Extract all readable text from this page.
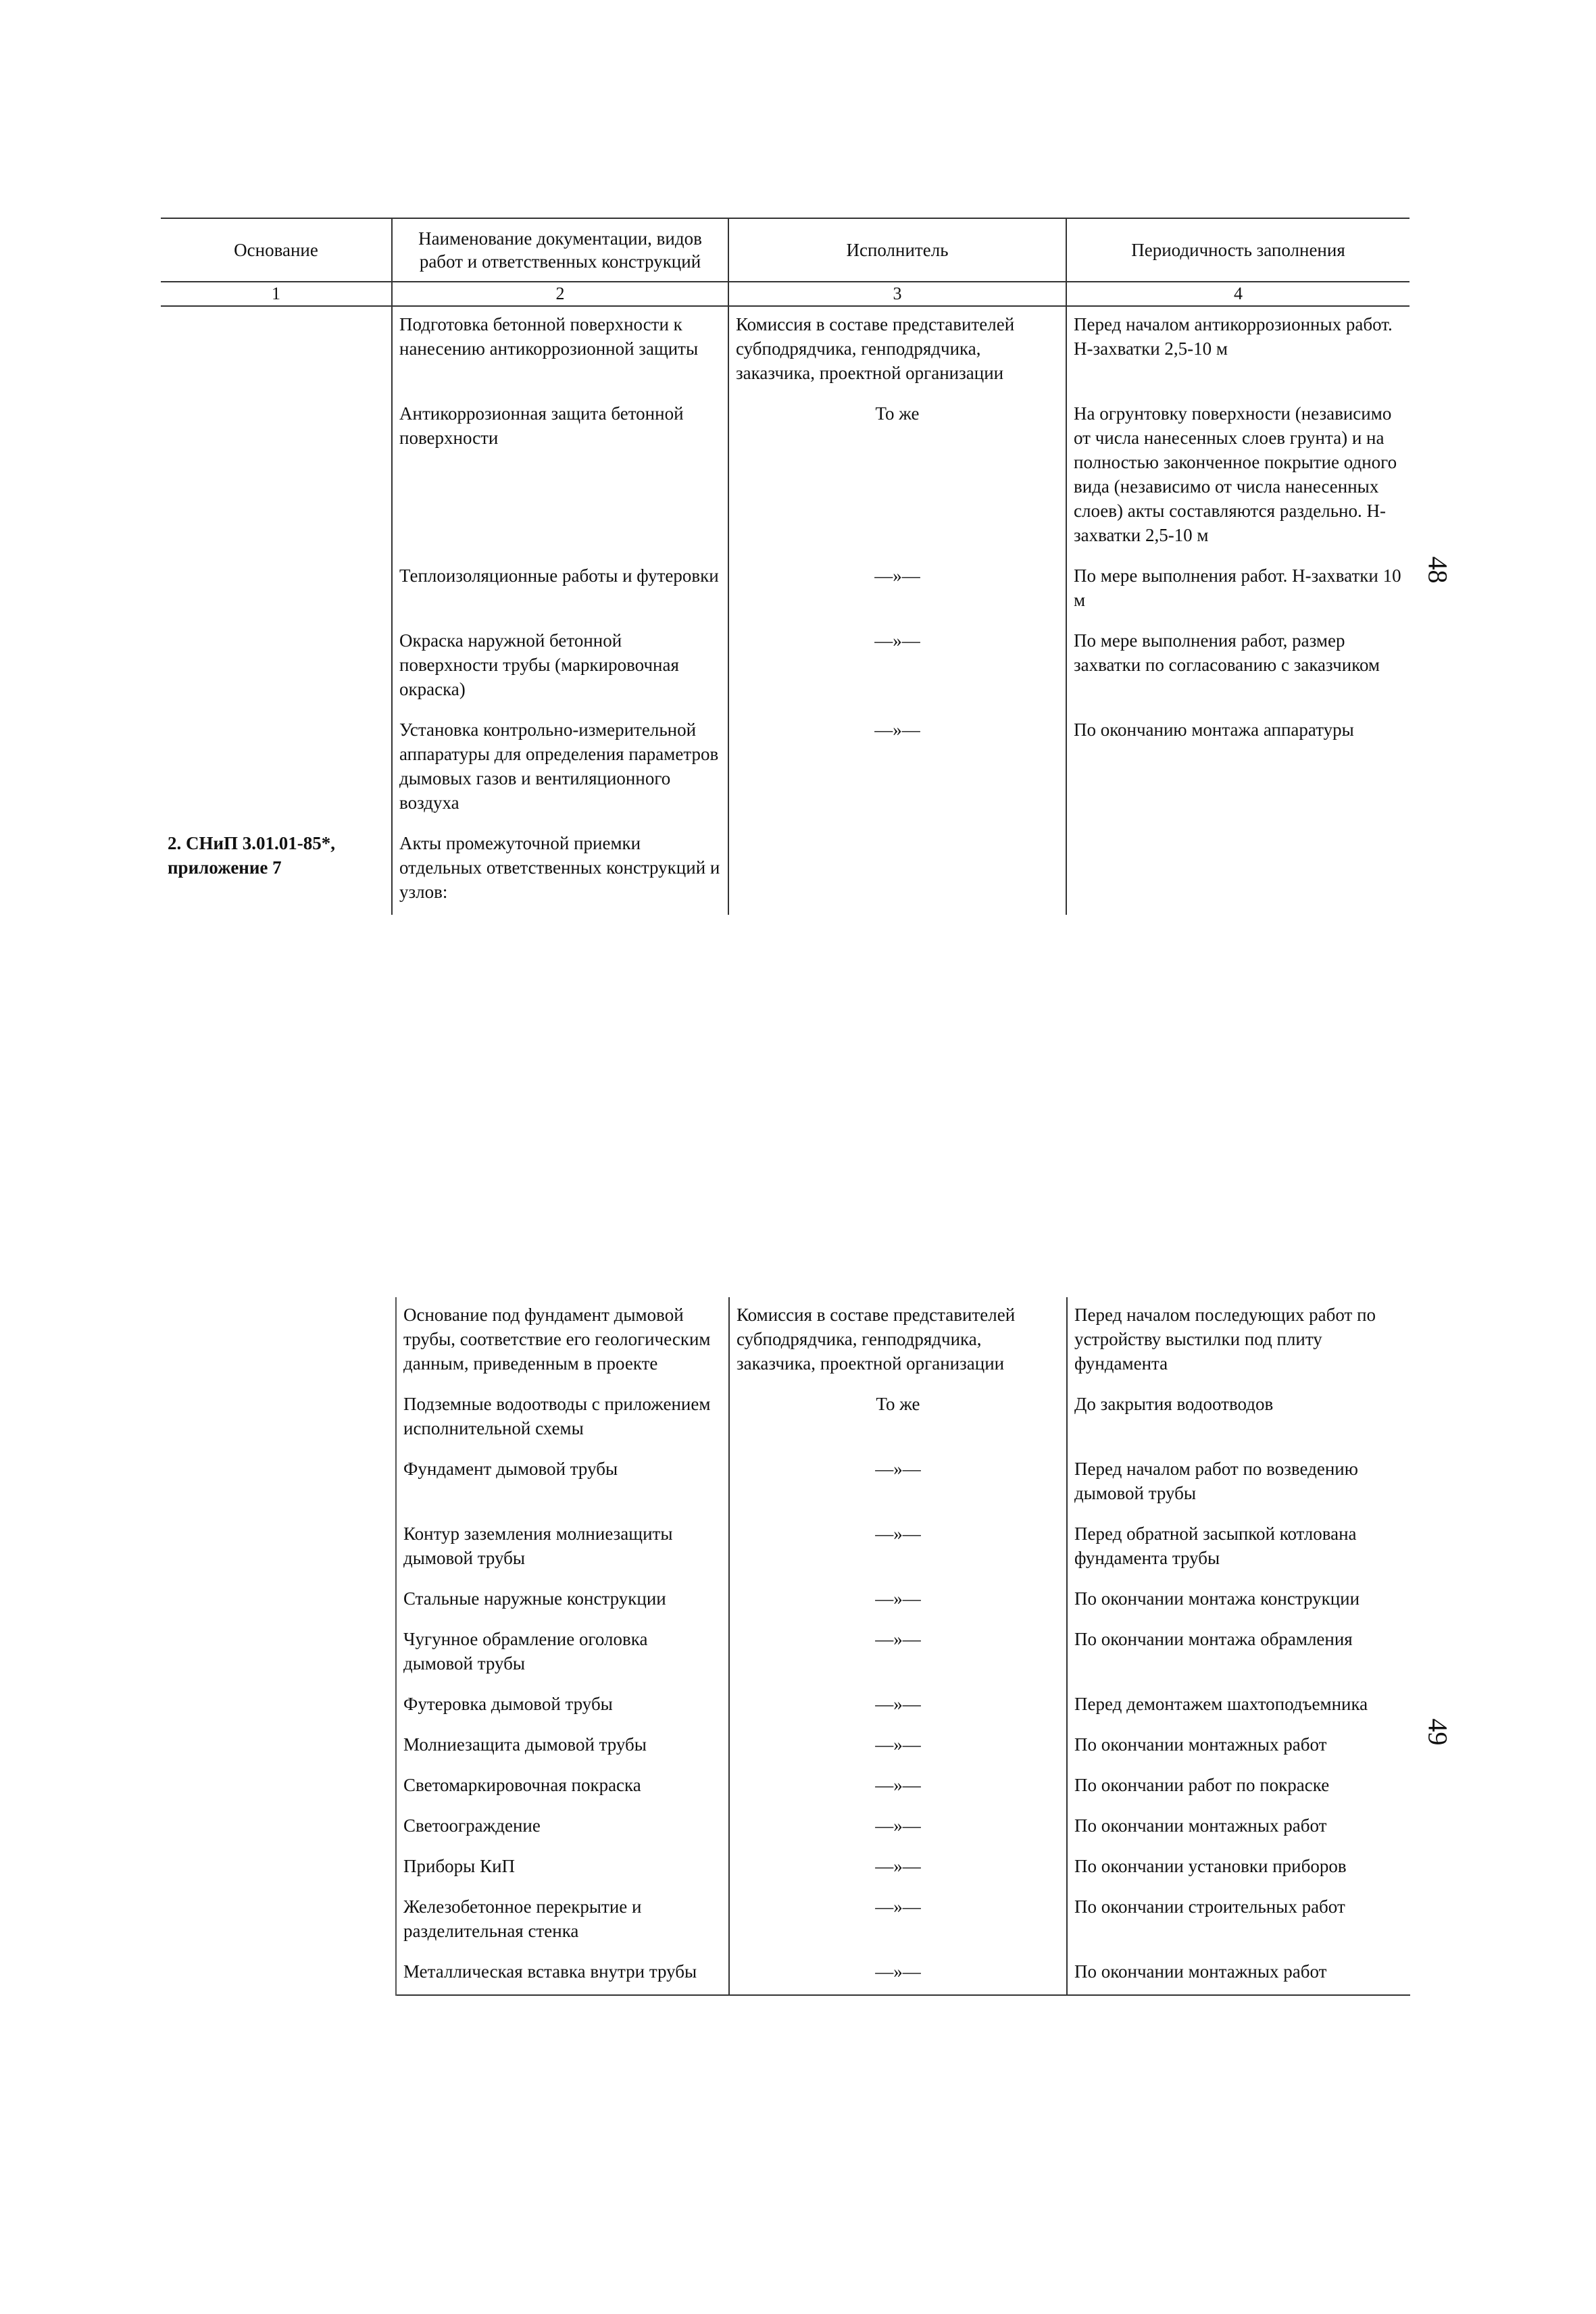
48
49
Основание	Наименование документации, видов работ и ответственных конструкций	Исполнитель	Периодичность заполнения
1	2	3	4
	Подготовка бетонной поверхности к нанесению антикоррозионной защиты	Комиссия в составе представителей субподрядчика, генподрядчика, заказчика, проектной организации	Перед началом антикоррозионных работ. Н-захватки 2,5-10 м
	Антикоррозионная защита бетонной поверхности	То же	На огрунтовку поверхности (независимо от числа нанесенных слоев грунта) и на полностью законченное покрытие одного вида (независимо от числа нанесенных слоев) акты составляются раздельно. Н-захватки 2,5-10 м
	Теплоизоляционные работы и футеровки	—»—	По мере выполнения работ. Н-захватки 10 м
	Окраска наружной бетонной поверхности трубы (маркировочная окраска)	—»—	По мере выполнения работ, размер захватки по согласованию с заказчиком
	Установка контрольно-измерительной аппаратуры для определения параметров дымовых газов и вентиляционного воздуха	—»—	По окончанию монтажа аппаратуры
2. СНиП 3.01.01-85*, приложение 7	Акты промежуточной приемки отдельных ответственных конструкций и узлов:		
Основание под фундамент дымовой трубы, соответствие его геологическим данным, приведенным в проекте	Комиссия в составе представителей субподрядчика, генподрядчика, заказчика, проектной организации	Перед началом последующих работ по устройству выстилки под плиту фундамента
Подземные водоотводы с приложением исполнительной схемы	То же	До закрытия водоотводов
Фундамент дымовой трубы	—»—	Перед началом работ по возведению дымовой трубы
Контур заземления молниезащиты дымовой трубы	—»—	Перед обратной засыпкой котлована фундамента трубы
Стальные наружные конструкции	—»—	По окончании монтажа конструкции
Чугунное обрамление оголовка дымовой трубы	—»—	По окончании монтажа обрамления
Футеровка дымовой трубы	—»—	Перед демонтажем шахтоподъемника
Молниезащита дымовой трубы	—»—	По окончании монтажных работ
Светомаркировочная покраска	—»—	По окончании работ по покраске
Светоограждение	—»—	По окончании монтажных работ
Приборы КиП	—»—	По окончании установки приборов
Железобетонное перекрытие и разделительная стенка	—»—	По окончании строительных работ
Металлическая вставка внутри трубы	—»—	По окончании монтажных работ
